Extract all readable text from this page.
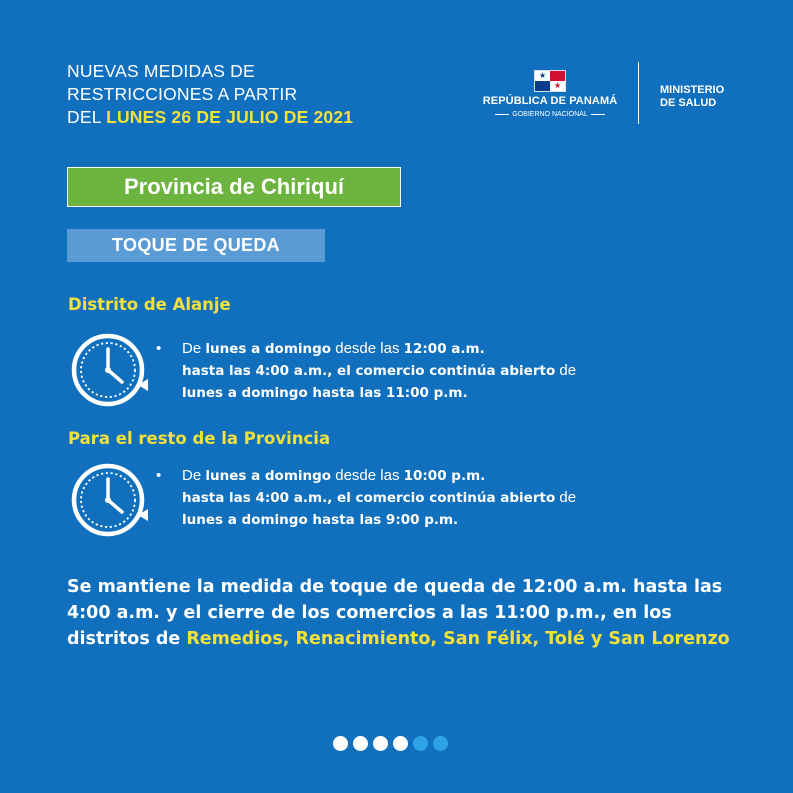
NUEVAS MEDIDAS DE
RESTRICCIONES A PARTIR
DEL LUNES 26 DE JULIO DE 2021
★
★
REPÚBLICA DE PANAMÁ
GOBIERNO NACIONAL
MINISTERIO
DE SALUD
Provincia de Chiriquí
TOQUE DE QUEDA
Distrito de Alanje
• De lunes a domingo desde las 12:00 a.m.
hasta las 4:00 a.m., el comercio continúa abierto de
lunes a domingo hasta las 11:00 p.m.
Para el resto de la Provincia
• De lunes a domingo desde las 10:00 p.m.
hasta las 4:00 a.m., el comercio continúa abierto de
lunes a domingo hasta las 9:00 p.m.
Se mantiene la medida de toque de queda de 12:00 a.m. hasta las 4:00 a.m. y el cierre de los comercios a las 11:00 p.m., en los distritos de Remedios, Renacimiento, San Félix, Tolé y San Lorenzo
